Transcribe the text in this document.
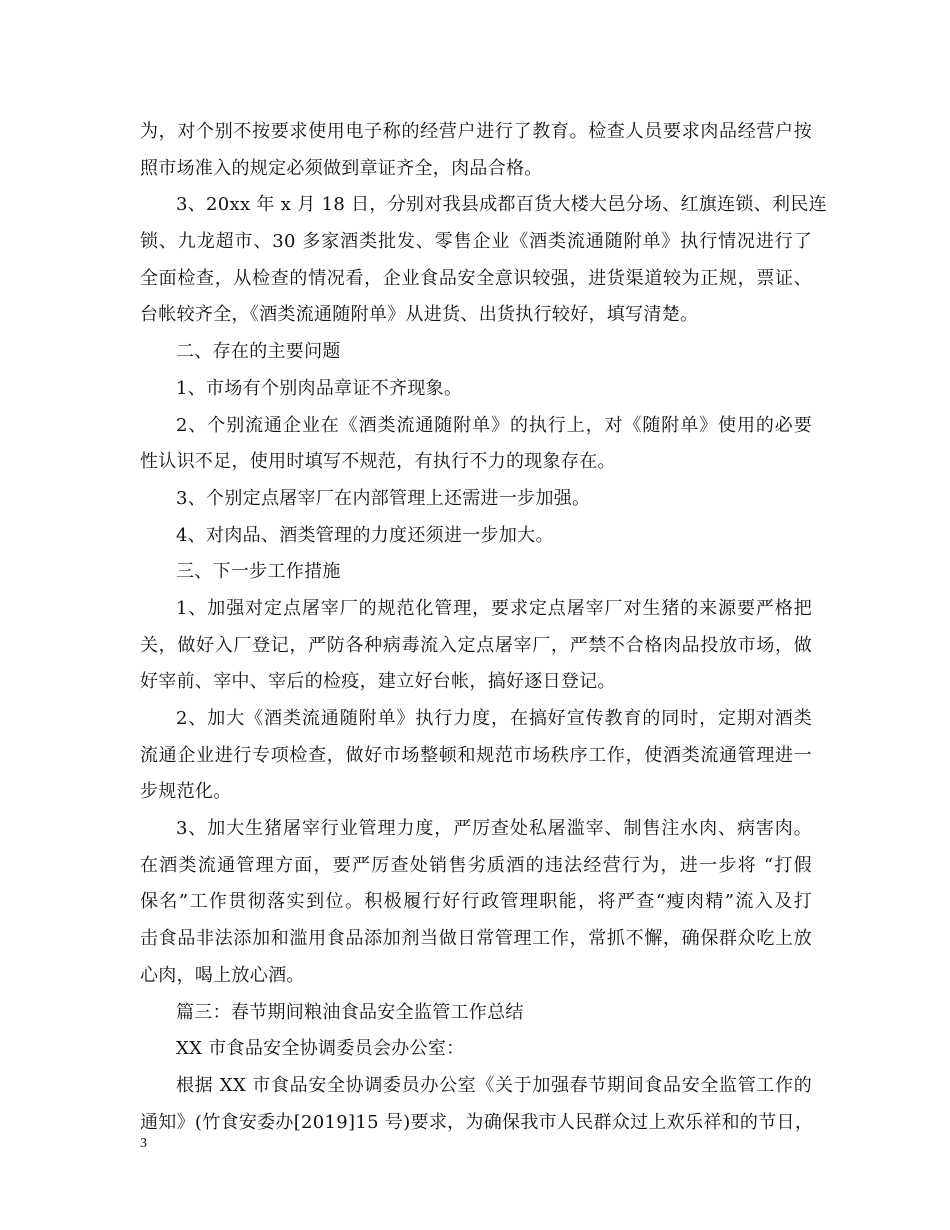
为，对个别不按要求使用电子称的经营户进行了教育。检查人员要求肉品经营户按
照市场准入的规定必须做到章证齐全，肉品合格。
3、20xx 年 x 月 18 日，分别对我县成都百货大楼大邑分场、红旗连锁、利民连
锁、九龙超市、30 多家酒类批发、零售企业《酒类流通随附单》执行情况进行了
全面检查，从检查的情况看，企业食品安全意识较强，进货渠道较为正规，票证、
台帐较齐全，《酒类流通随附单》从进货、出货执行较好，填写清楚。
二、存在的主要问题
1、市场有个别肉品章证不齐现象。
2、个别流通企业在《酒类流通随附单》的执行上，对《随附单》使用的必要
性认识不足，使用时填写不规范，有执行不力的现象存在。
3、个别定点屠宰厂在内部管理上还需进一步加强。
4、对肉品、酒类管理的力度还须进一步加大。
三、下一步工作措施
1、加强对定点屠宰厂的规范化管理，要求定点屠宰厂对生猪的来源要严格把
关，做好入厂登记，严防各种病毒流入定点屠宰厂，严禁不合格肉品投放市场，做
好宰前、宰中、宰后的检疫，建立好台帐，搞好逐日登记。
2、加大《酒类流通随附单》执行力度，在搞好宣传教育的同时，定期对酒类
流通企业进行专项检查，做好市场整顿和规范市场秩序工作，使酒类流通管理进一
步规范化。
3、加大生猪屠宰行业管理力度，严厉查处私屠滥宰、制售注水肉、病害肉。
在酒类流通管理方面，要严厉查处销售劣质酒的违法经营行为，进一步将 “打假
保名”工作贯彻落实到位。积极履行好行政管理职能，将严查“瘦肉精”流入及打
击食品非法添加和滥用食品添加剂当做日常管理工作，常抓不懈，确保群众吃上放
心肉，喝上放心酒。
篇三：春节期间粮油食品安全监管工作总结
XX 市食品安全协调委员会办公室：
根据 XX 市食品安全协调委员办公室《关于加强春节期间食品安全监管工作的
通知》(竹食安委办[2019]15 号)要求，为确保我市人民群众过上欢乐祥和的节日，
3
